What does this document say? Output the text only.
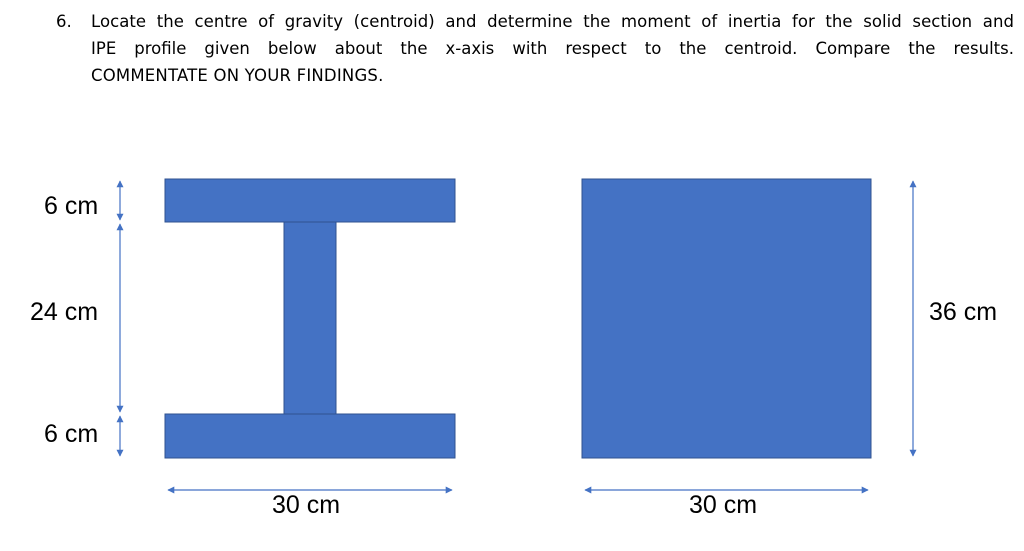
6. Locate the centre of gravity (centroid) and determine the moment of inertia for the solid section and
IPE profile given below about the x-axis with respect to the centroid. Compare the results.
COMMENTATE ON YOUR FINDINGS.
6 cm
24 cm
6 cm
30 cm
36 cm
30 cm
